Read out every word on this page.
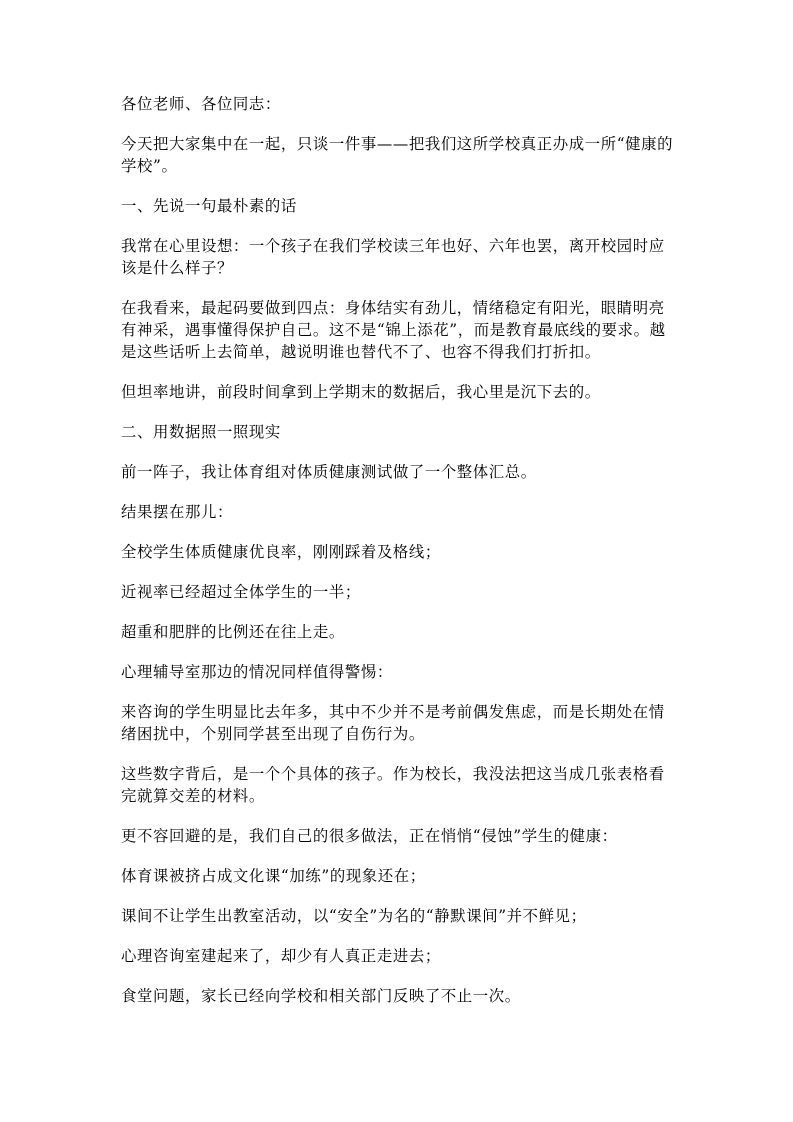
各位老师、各位同志：

今天把大家集中在一起，只谈一件事——把我们这所学校真正办成一所“健康的学校”。

一、先说一句最朴素的话

我常在心里设想：一个孩子在我们学校读三年也好、六年也罢，离开校园时应该是什么样子？

在我看来，最起码要做到四点：身体结实有劲儿，情绪稳定有阳光，眼睛明亮有神采，遇事懂得保护自己。这不是“锦上添花”，而是教育最底线的要求。越是这些话听上去简单，越说明谁也替代不了、也容不得我们打折扣。

但坦率地讲，前段时间拿到上学期末的数据后，我心里是沉下去的。

二、用数据照一照现实

前一阵子，我让体育组对体质健康测试做了一个整体汇总。

结果摆在那儿：

全校学生体质健康优良率，刚刚踩着及格线；

近视率已经超过全体学生的一半；

超重和肥胖的比例还在往上走。

心理辅导室那边的情况同样值得警惕：

来咨询的学生明显比去年多，其中不少并不是考前偶发焦虑，而是长期处在情绪困扰中，个别同学甚至出现了自伤行为。

这些数字背后，是一个个具体的孩子。作为校长，我没法把这当成几张表格看完就算交差的材料。

更不容回避的是，我们自己的很多做法，正在悄悄“侵蚀”学生的健康：

体育课被挤占成文化课“加练”的现象还在；

课间不让学生出教室活动，以“安全”为名的“静默课间”并不鲜见；

心理咨询室建起来了，却少有人真正走进去；

食堂问题，家长已经向学校和相关部门反映了不止一次。
